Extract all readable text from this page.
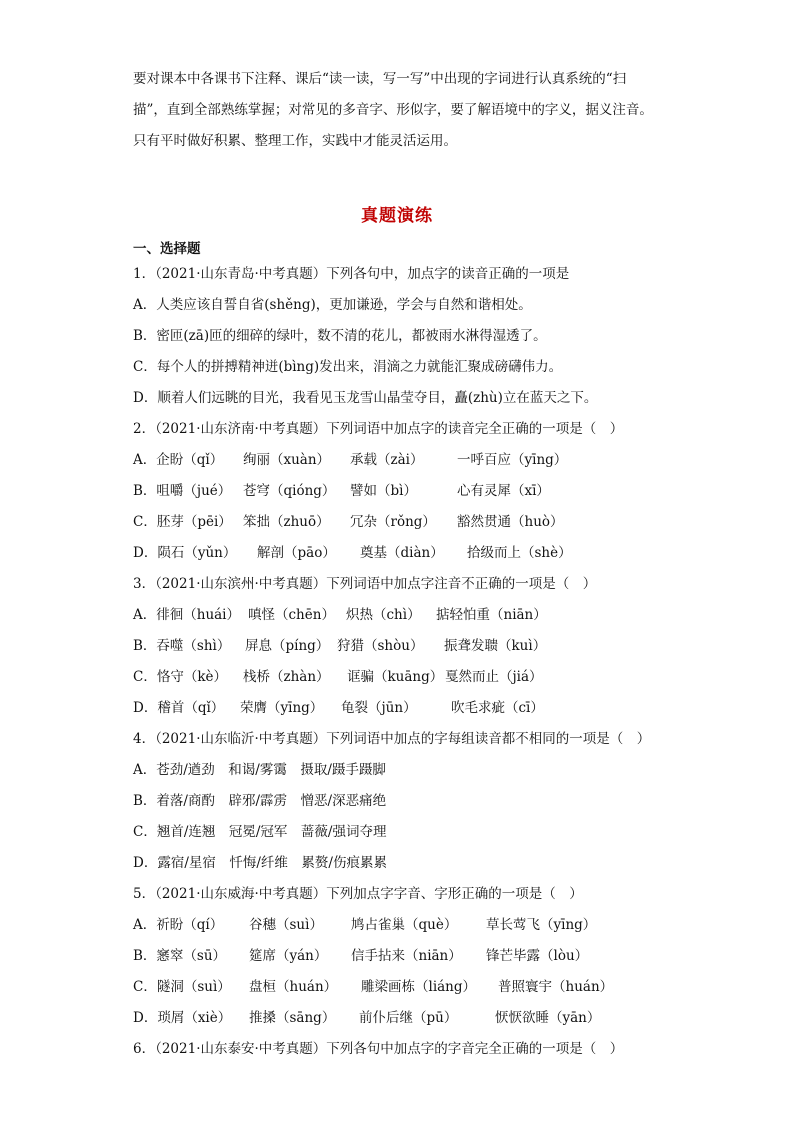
要对课本中各课书下注释、课后“读一读，写一写”中出现的字词进行认真系统的“扫

描”，直到全部熟练掌握；对常见的多音字、形似字，要了解语境中的字义，据义注音。

只有平时做好积累、整理工作，实践中才能灵活运用。

真题演练
一、选择题
1．（2021·山东青岛·中考真题）下列各句中，加点字的读音正确的一项是
A．人类应该自誓自省(shěng)，更加谦逊，学会与自然和谐相处。
B．密匝(zā)匝的细碎的绿叶，数不清的花儿，都被雨水淋得湿透了。
C．每个人的拼搏精神迸(bìng)发出来，涓滴之力就能汇聚成磅礴伟力。
D．顺着人们远眺的目光，我看见玉龙雪山晶莹夺目，矗(zhù)立在蓝天之下。
2．（2021·山东济南·中考真题）下列词语中加点字的读音完全正确的一项是（　）
A．企盼（qǐ） 绚丽（xuàn） 承载（zài） 一呼百应（yīng）
B．咀嚼（jué） 苍穹（qióng） 譬如（bì）	心有灵犀（xī）
C．胚芽（pēi） 笨拙（zhuō） 冗杂（rǒng） 豁然贯通（huò）
D．陨石（yǔn） 解剖（pāo） 奠基（diàn） 拾级而上（shè）
3．（2021·山东滨州·中考真题）下列词语中加点字注音不正确的一项是（　）
A．徘徊（huái） 嗔怪（chēn） 炽热（chì） 掂轻怕重（niān）
B．吞噬（shì） 屏息（píng） 狩猎（shòu） 振聋发聩（kuì）
C．恪守（kè） 栈桥（zhàn） 诓骗（kuāng） 戛然而止（jiá）
D．稽首（qǐ） 荣膺（yīng） 龟裂（jūn）	吹毛求疵（cī）
4．（2021·山东临沂·中考真题）下列词语中加点的字每组读音都不相同的一项是（　）
A．苍劲/遒劲　和谒/雾霭　摄取/蹑手蹑脚
B．着落/商酌　辟邪/霹雳　憎恶/深恶痛绝
C．翘首/连翘　冠冕/冠军　蔷薇/强词夺理
D．露宿/星宿　忏悔/纤维　累赘/伤痕累累
5．（2021·山东威海·中考真题）下列加点字字音、字形正确的一项是（　）
A．祈盼（qí） 谷穗（suì） 鸠占雀巢（què） 草长莺飞（yīng）
B．窸窣（sū） 筵席（yán） 信手拈来（niān） 锋芒毕露（lòu）
C．隧洞（suì） 盘桓（huán） 雕梁画栋（liáng） 普照寰宇（huán）
D．琐屑（xiè） 推搡（sāng） 前仆后继（pū）	恹恹欲睡（yān）
6．（2021·山东泰安·中考真题）下列各句中加点字的字音完全正确的一项是（　）
